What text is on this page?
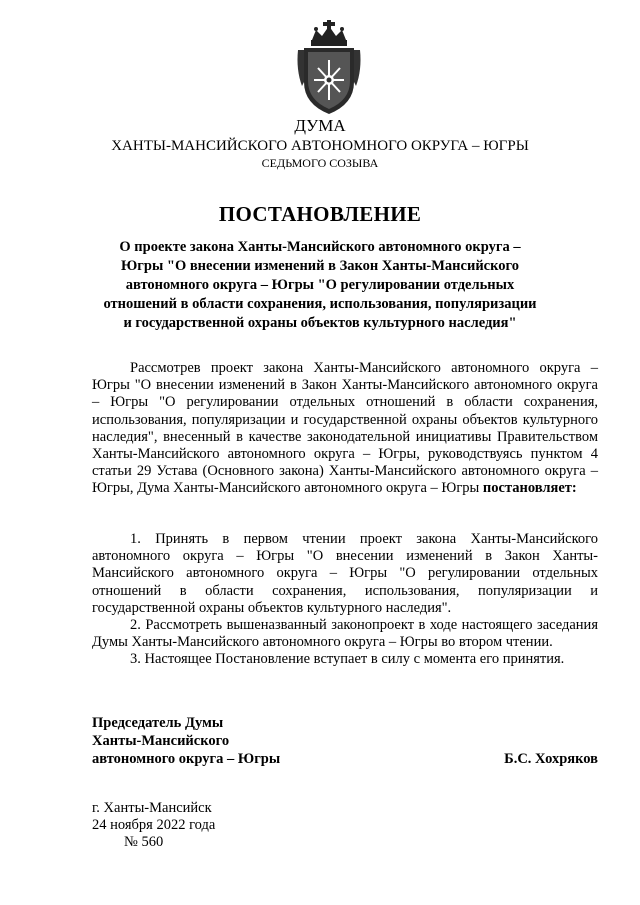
ДУМА
ХАНТЫ-МАНСИЙСКОГО АВТОНОМНОГО ОКРУГА – ЮГРЫ
СЕДЬМОГО СОЗЫВА
ПОСТАНОВЛЕНИЕ
О проекте закона Ханты-Мансийского автономного округа – Югры "О внесении изменений в Закон Ханты-Мансийского автономного округа – Югры "О регулировании отдельных отношений в области сохранения, использования, популяризации и государственной охраны объектов культурного наследия"

Рассмотрев проект закона Ханты-Мансийского автономного округа – Югры "О внесении изменений в Закон Ханты-Мансийского автономного округа – Югры "О регулировании отдельных отношений в области сохранения, использования, популяризации и государственной охраны объектов культурного наследия", внесенный в качестве законодательной инициативы Правительством Ханты-Мансийского автономного округа – Югры, руководствуясь пунктом 4 статьи 29 Устава (Основного закона) Ханты-Мансийского автономного округа – Югры, Дума Ханты-Мансийского автономного округа – Югры постановляет:

1. Принять в первом чтении проект закона Ханты-Мансийского автономного округа – Югры "О внесении изменений в Закон Ханты-Мансийского автономного округа – Югры "О регулировании отдельных отношений в области сохранения, использования, популяризации и государственной охраны объектов культурного наследия".

2. Рассмотреть вышеназванный законопроект в ходе настоящего заседания Думы Ханты-Мансийского автономного округа – Югры во втором чтении.

3. Настоящее Постановление вступает в силу с момента его принятия.

Председатель Думы
Ханты-Мансийского
автономного округа – Югры	Б.С. Хохряков
г. Ханты-Мансийск
24 ноября 2022 года
№ 560
